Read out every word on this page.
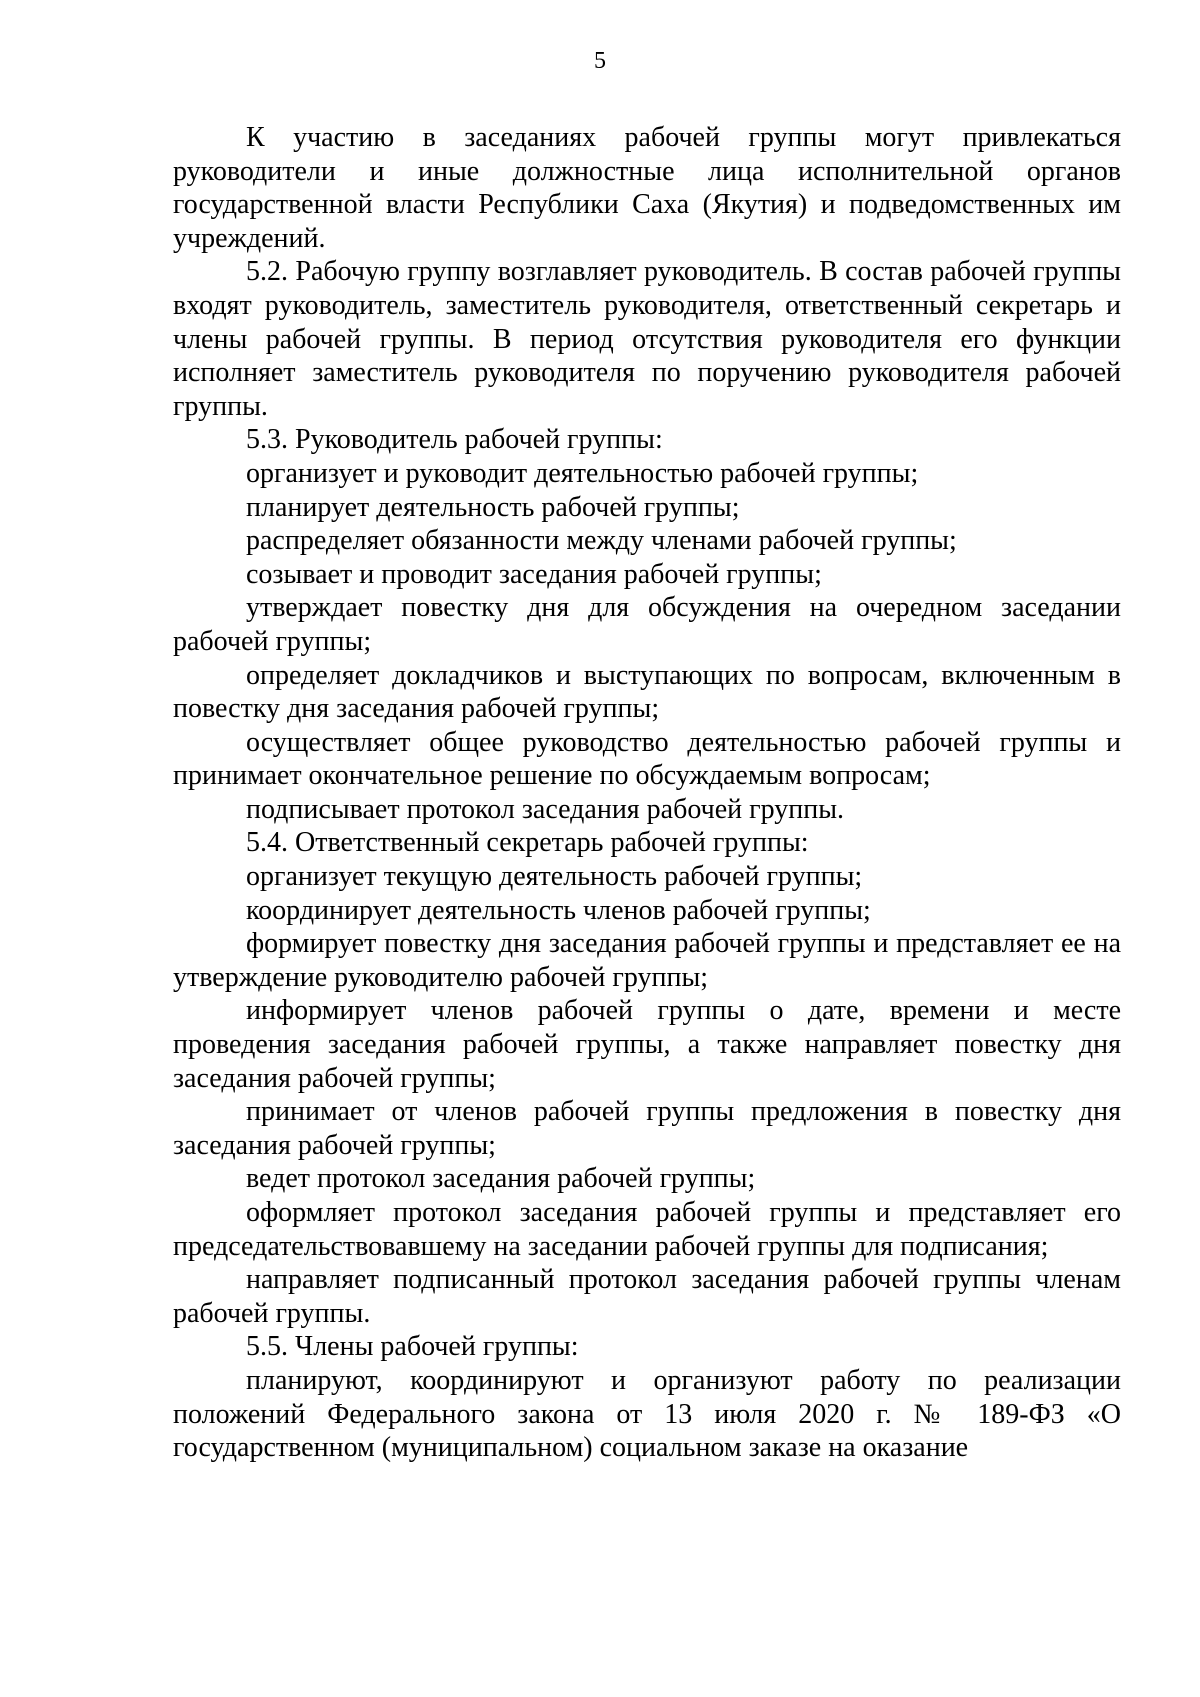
5

К участию в заседаниях рабочей группы могут привлекаться руководители и иные должностные лица исполнительной органов государственной власти Республики Саха (Якутия) и подведомственных им учреждений.

5.2. Рабочую группу возглавляет руководитель. В состав рабочей группы входят руководитель, заместитель руководителя, ответственный секретарь и члены рабочей группы. В период отсутствия руководителя его функции исполняет заместитель руководителя по поручению руководителя рабочей группы.

5.3. Руководитель рабочей группы:

организует и руководит деятельностью рабочей группы;

планирует деятельность рабочей группы;

распределяет обязанности между членами рабочей группы;

созывает и проводит заседания рабочей группы;

утверждает повестку дня для обсуждения на очередном заседании рабочей группы;

определяет докладчиков и выступающих по вопросам, включенным в повестку дня заседания рабочей группы;

осуществляет общее руководство деятельностью рабочей группы и принимает окончательное решение по обсуждаемым вопросам;

подписывает протокол заседания рабочей группы.

5.4. Ответственный секретарь рабочей группы:

организует текущую деятельность рабочей группы;

координирует деятельность членов рабочей группы;

формирует повестку дня заседания рабочей группы и представляет ее на утверждение руководителю рабочей группы;

информирует членов рабочей группы о дате, времени и месте проведения заседания рабочей группы, а также направляет повестку дня заседания рабочей группы;

принимает от членов рабочей группы предложения в повестку дня заседания рабочей группы;

ведет протокол заседания рабочей группы;

оформляет протокол заседания рабочей группы и представляет его председательствовавшему на заседании рабочей группы для подписания;

направляет подписанный протокол заседания рабочей группы членам рабочей группы.

5.5. Члены рабочей группы:

планируют, координируют и организуют работу по реализации положений Федерального закона от 13 июля 2020 г. № 189-ФЗ «О государственном (муниципальном) социальном заказе на оказание
